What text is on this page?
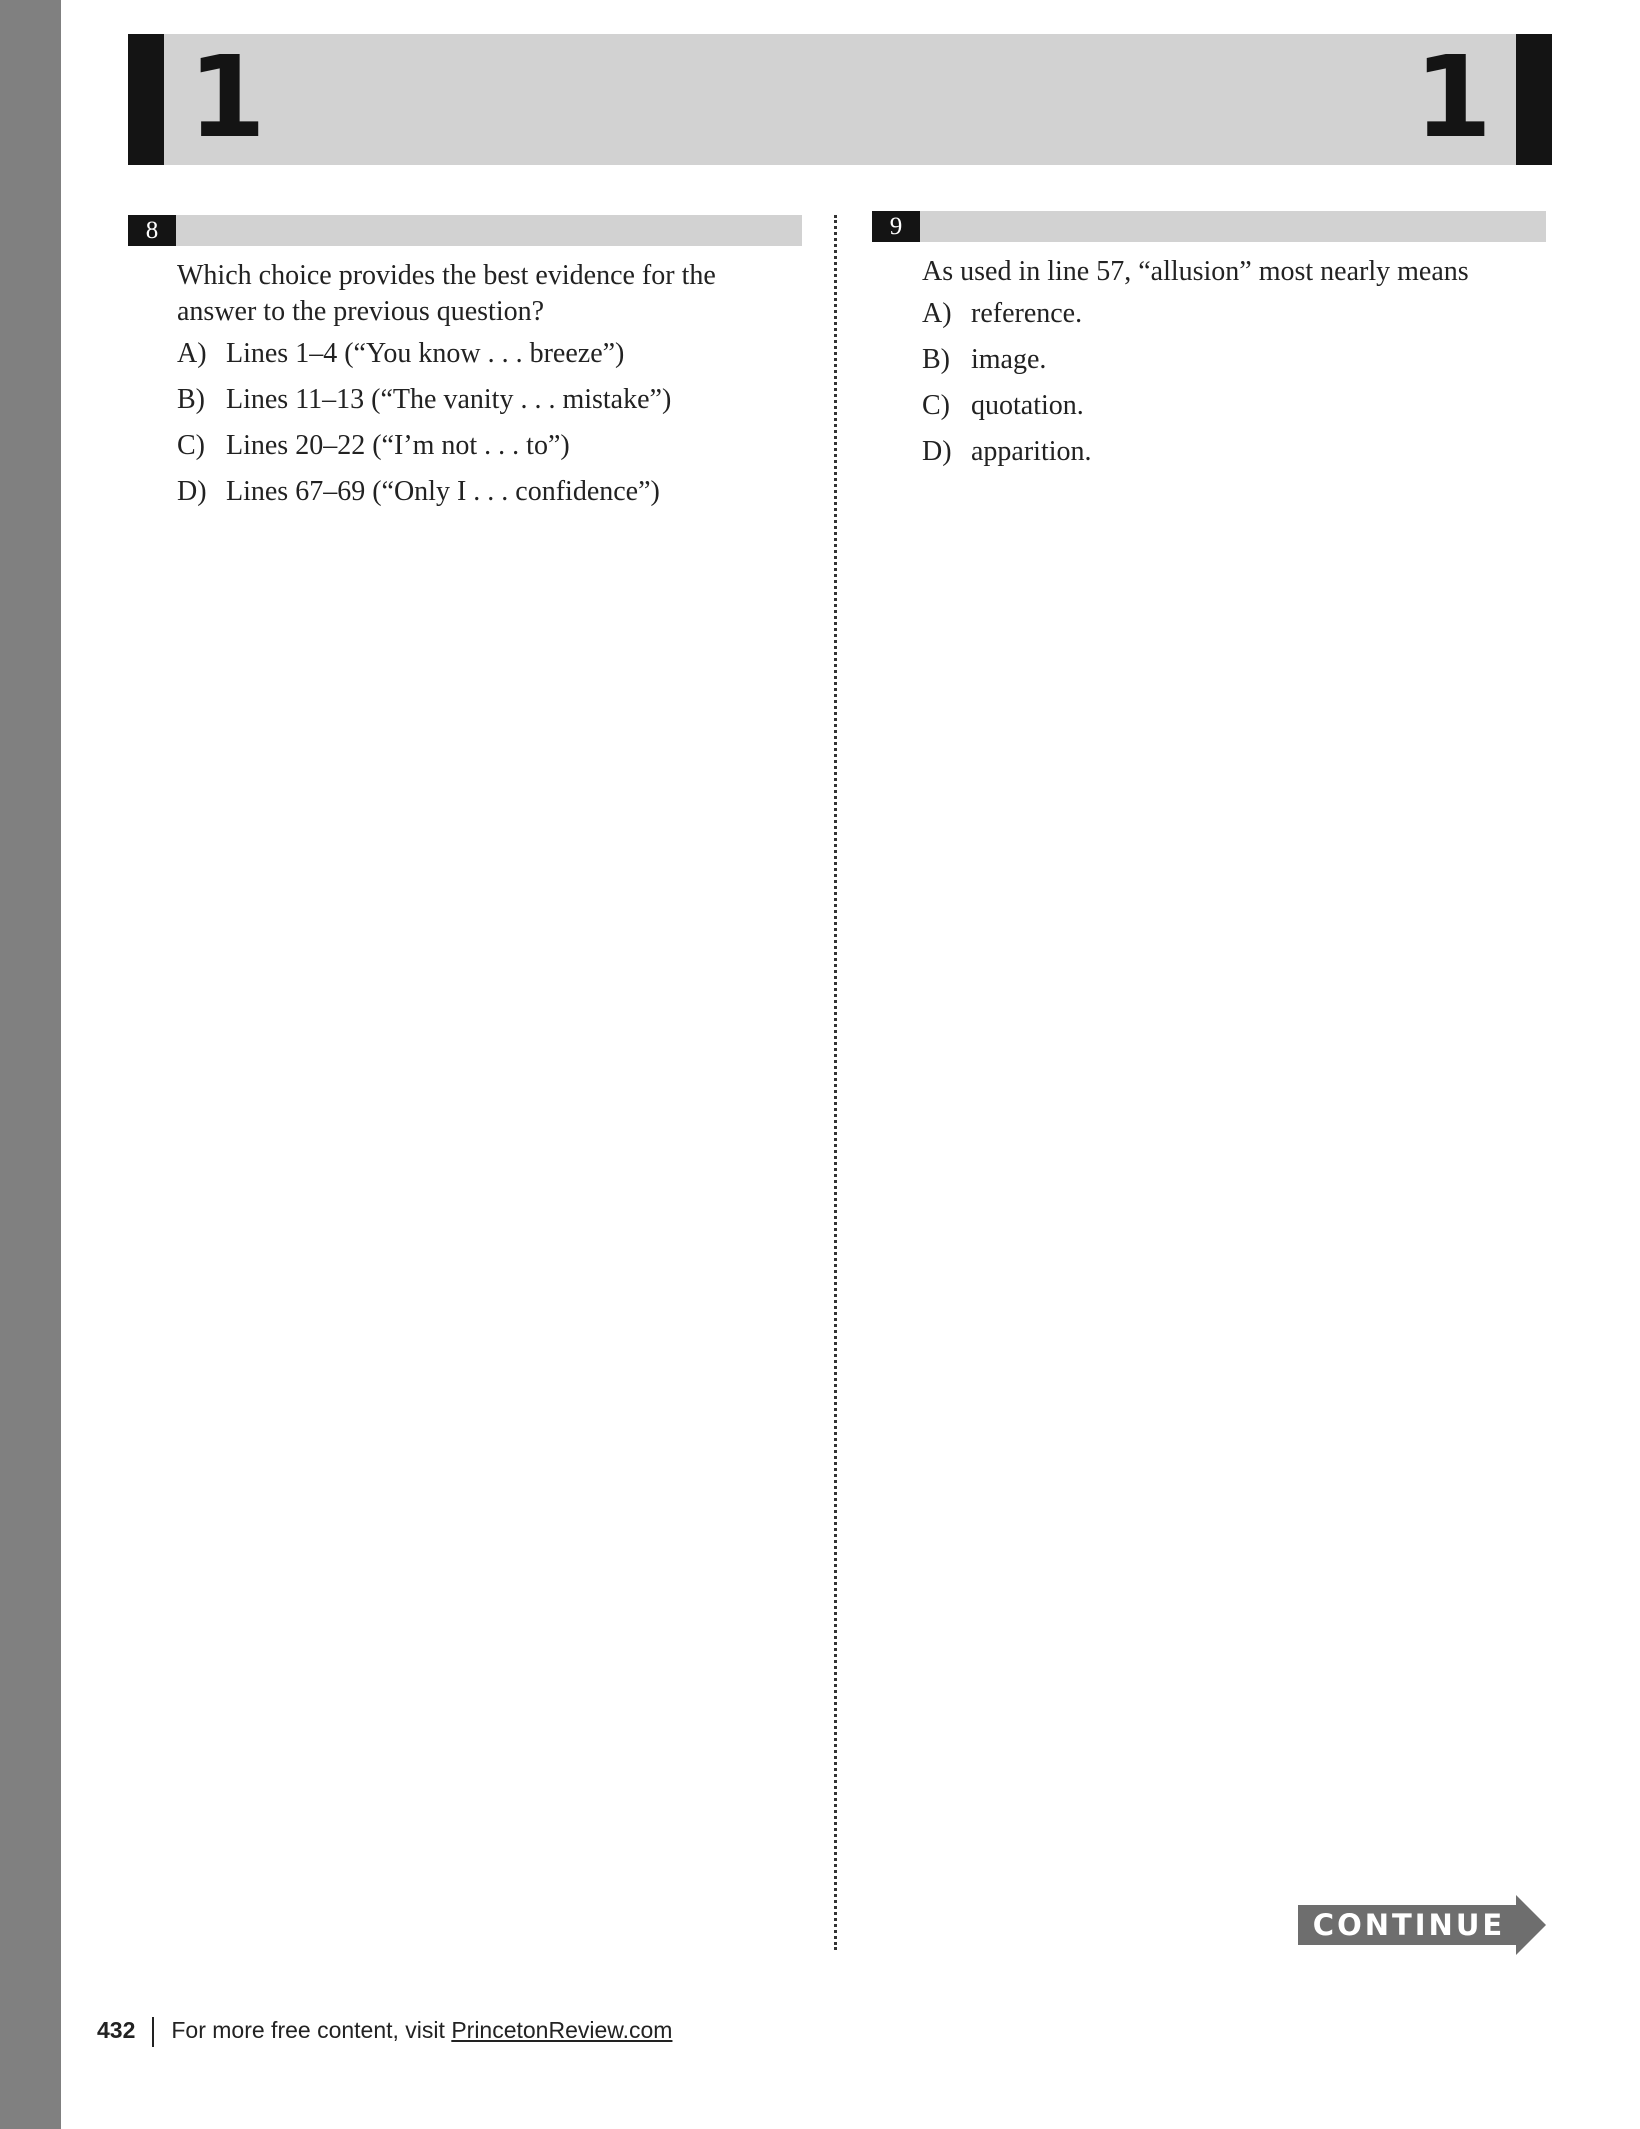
1	1
8

Which choice provides the best evidence for the answer to the previous question?

A) Lines 1–4 (“You know . . . breeze”)
B) Lines 11–13 (“The vanity . . . mistake”)
C) Lines 20–22 (“I’m not . . . to”)
D) Lines 67–69 (“Only I . . . confidence”)
9

As used in line 57, “allusion” most nearly means

A) reference.
B) image.
C) quotation.
D) apparition.
CONTINUE
432 For more free content, visit PrincetonReview.com
